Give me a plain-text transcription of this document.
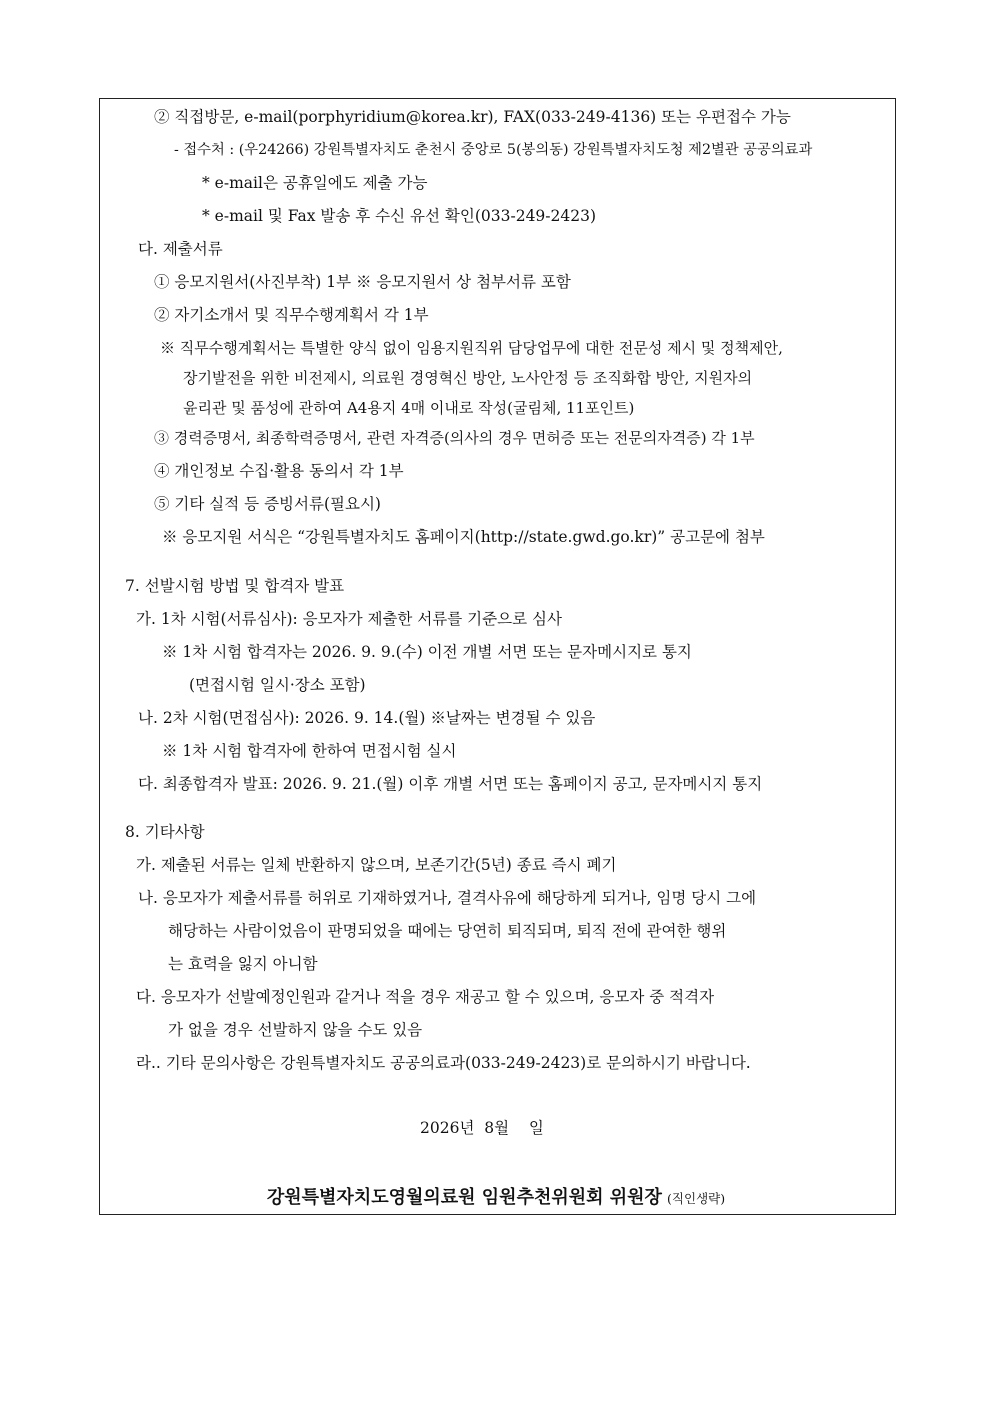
② 직접방문, e-mail(porphyridium@korea.kr), FAX(033-249-4136) 또는 우편접수 가능
- 접수처 : (우24266) 강원특별자치도 춘천시 중앙로 5(봉의동) 강원특별자치도청 제2별관 공공의료과
* e-mail은 공휴일에도 제출 가능
* e-mail 및 Fax 발송 후 수신 유선 확인(033-249-2423)
다. 제출서류
① 응모지원서(사진부착) 1부 ※ 응모지원서 상 첨부서류 포함
② 자기소개서 및 직무수행계획서 각 1부
※ 직무수행계획서는 특별한 양식 없이 임용지원직위 담당업무에 대한 전문성 제시 및 정책제안,
장기발전을 위한 비전제시, 의료원 경영혁신 방안, 노사안정 등 조직화합 방안, 지원자의
윤리관 및 품성에 관하여 A4용지 4매 이내로 작성(굴림체, 11포인트)
③ 경력증명서, 최종학력증명서, 관련 자격증(의사의 경우 면허증 또는 전문의자격증) 각 1부
④ 개인정보 수집·활용 동의서 각 1부
⑤ 기타 실적 등 증빙서류(필요시)
※ 응모지원 서식은 “강원특별자치도 홈페이지(http://state.gwd.go.kr)” 공고문에 첨부
7. 선발시험 방법 및 합격자 발표
가. 1차 시험(서류심사): 응모자가 제출한 서류를 기준으로 심사
※ 1차 시험 합격자는 2026. 9. 9.(수) 이전 개별 서면 또는 문자메시지로 통지
(면접시험 일시·장소 포함)
나. 2차 시험(면접심사): 2026. 9. 14.(월) ※날짜는 변경될 수 있음
※ 1차 시험 합격자에 한하여 면접시험 실시
다. 최종합격자 발표: 2026. 9. 21.(월) 이후 개별 서면 또는 홈페이지 공고, 문자메시지 통지
8. 기타사항
가. 제출된 서류는 일체 반환하지 않으며, 보존기간(5년) 종료 즉시 폐기
나. 응모자가 제출서류를 허위로 기재하였거나, 결격사유에 해당하게 되거나, 임명 당시 그에
해당하는 사람이었음이 판명되었을 때에는 당연히 퇴직되며, 퇴직 전에 관여한 행위
는 효력을 잃지 아니함
다. 응모자가 선발예정인원과 같거나 적을 경우 재공고 할 수 있으며, 응모자 중 적격자
가 없을 경우 선발하지 않을 수도 있음
라.. 기타 문의사항은 강원특별자치도 공공의료과(033-249-2423)로 문의하시기 바랍니다.
2026년  8월    일
강원특별자치도영월의료원 임원추천위원회 위원장 (직인생략)
